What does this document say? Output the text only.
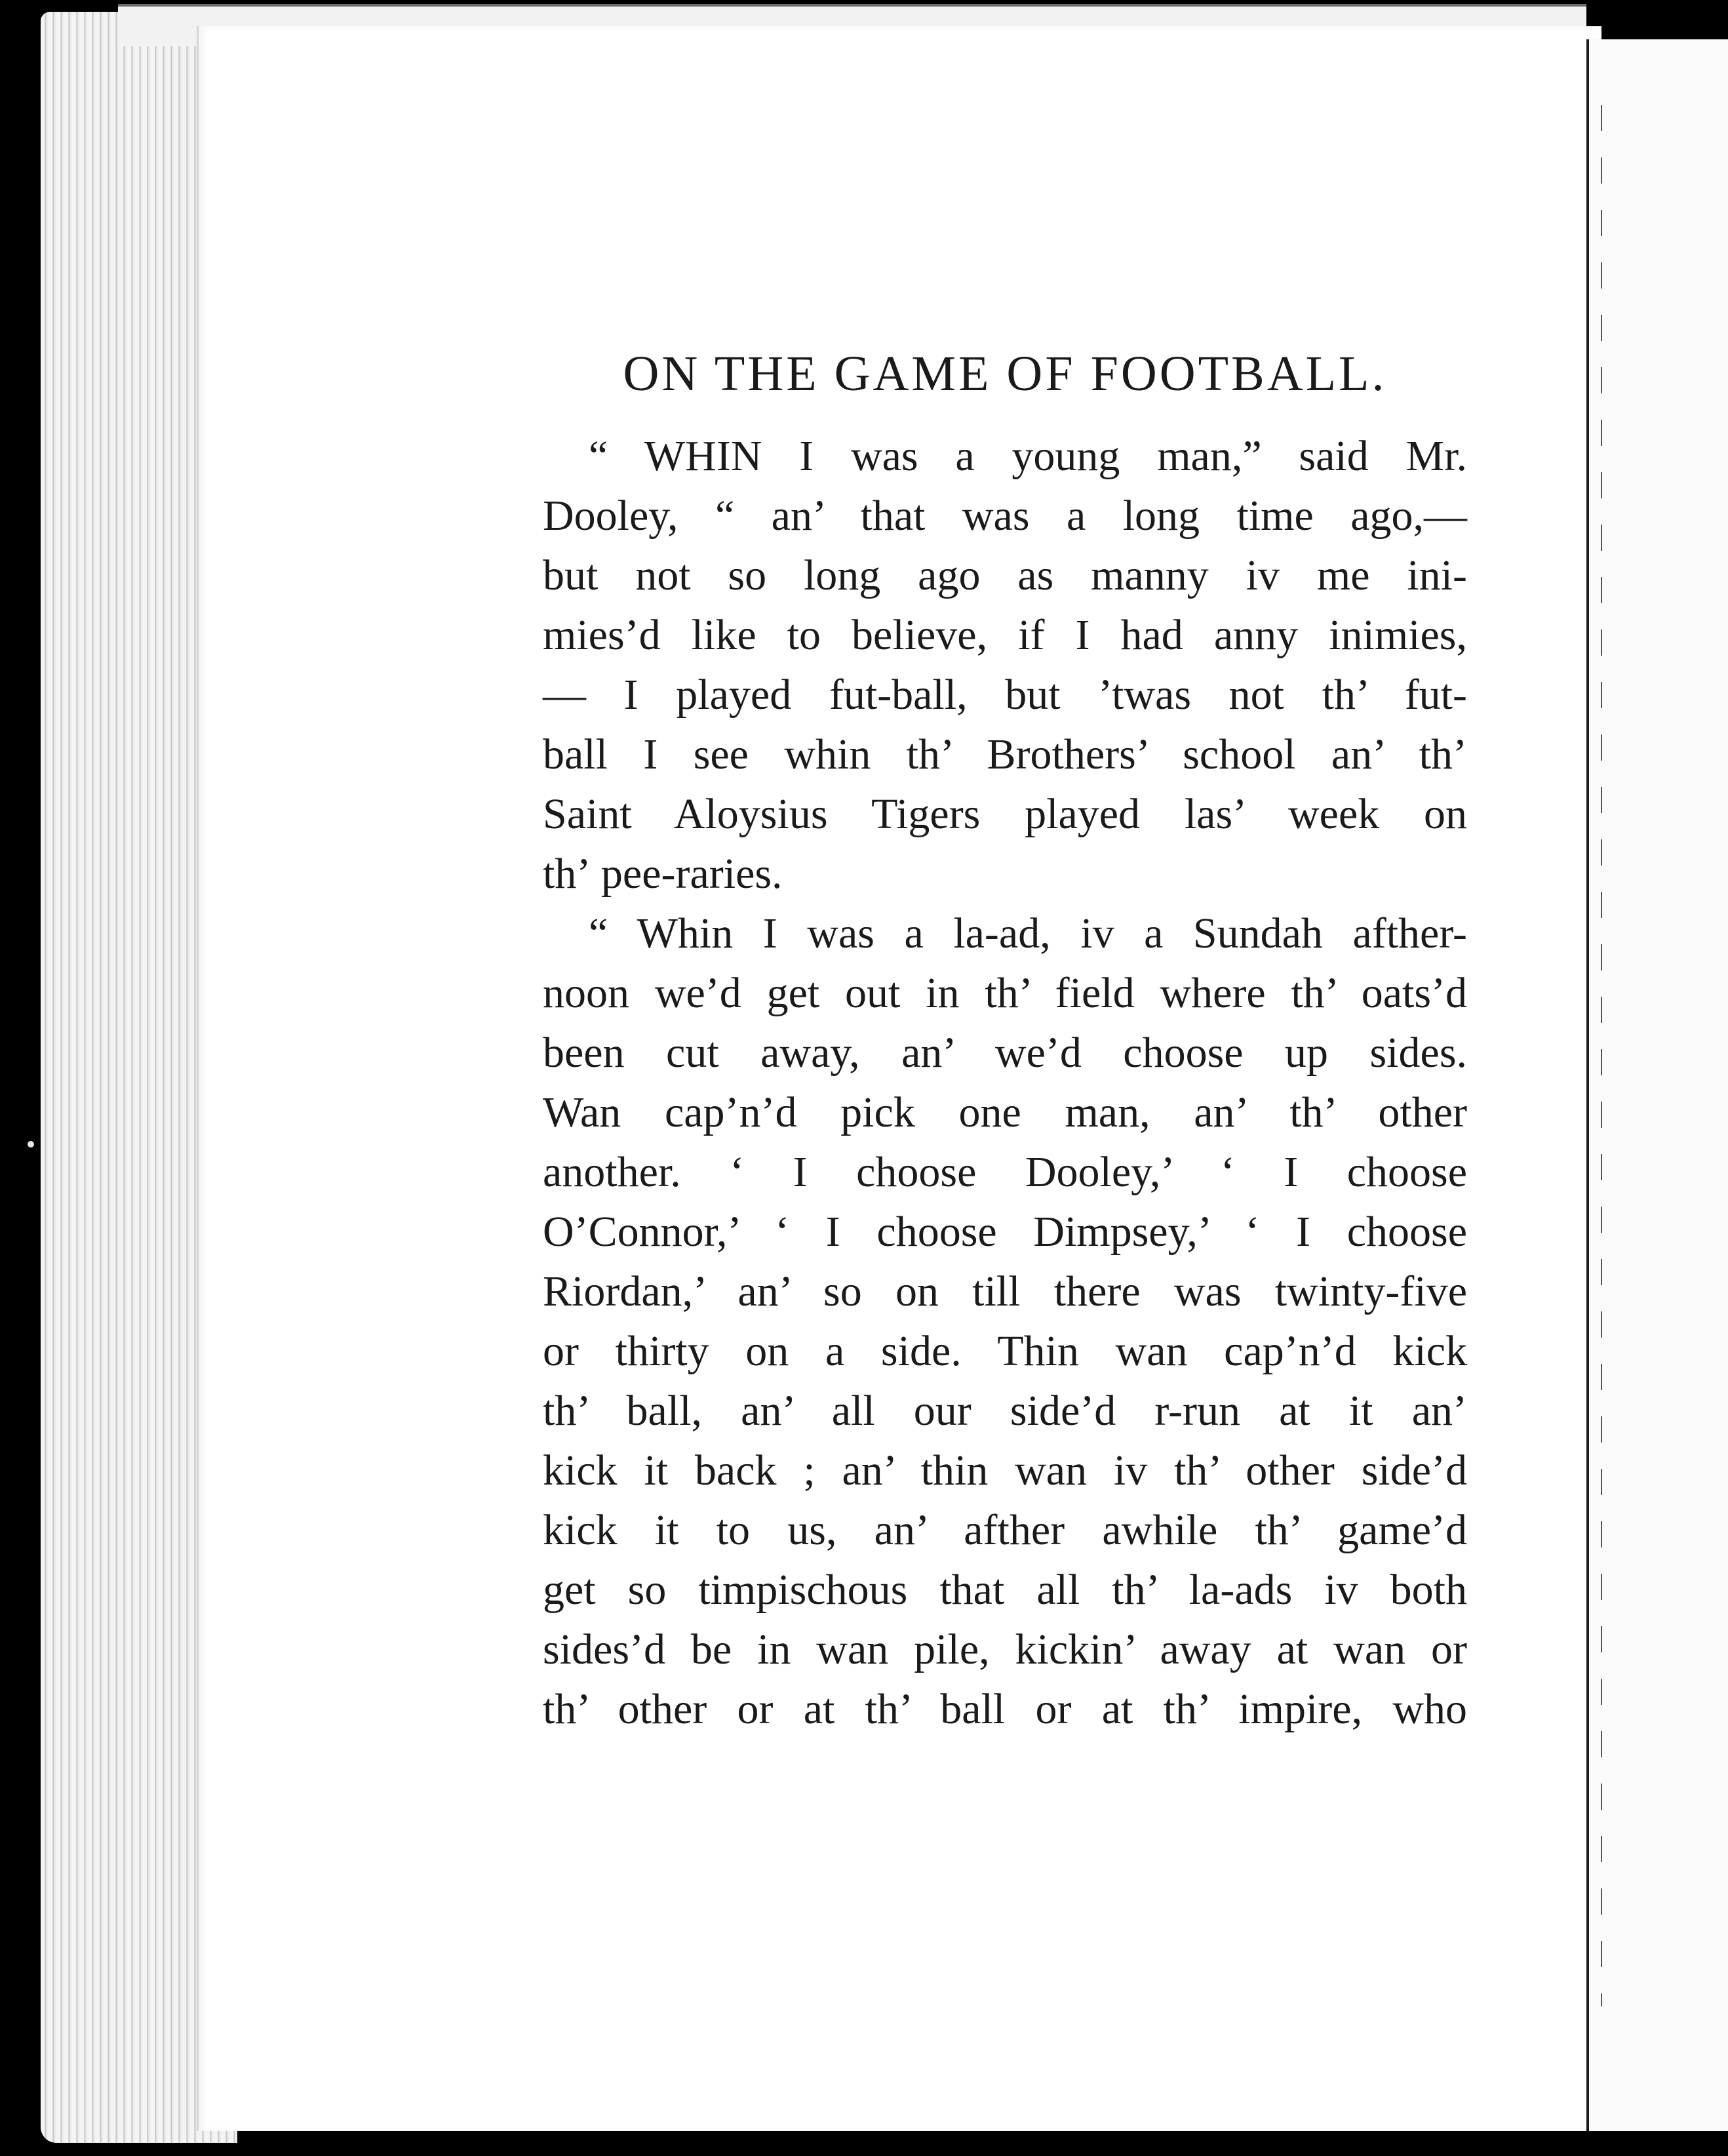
ON THE GAME OF FOOTBALL.
“ WHIN I was a young man,” said Mr.
Dooley, “ an’ that was a long time ago,—
but not so long ago as manny iv me ini-
mies’d like to believe, if I had anny inimies,
— I played fut-ball, but ’twas not th’ fut-
ball I see whin th’ Brothers’ school an’ th’
Saint Aloysius Tigers played las’ week on
th’ pee-raries.
“ Whin I was a la-ad, iv a Sundah afther-
noon we’d get out in th’ field where th’ oats’d
been cut away, an’ we’d choose up sides.
Wan cap’n’d pick one man, an’ th’ other
another. ‘ I choose Dooley,’ ‘ I choose
O’Connor,’ ‘ I choose Dimpsey,’ ‘ I choose
Riordan,’ an’ so on till there was twinty-five
or thirty on a side. Thin wan cap’n’d kick
th’ ball, an’ all our side’d r-run at it an’
kick it back ; an’ thin wan iv th’ other side’d
kick it to us, an’ afther awhile th’ game’d
get so timpischous that all th’ la-ads iv both
sides’d be in wan pile, kickin’ away at wan or
th’ other or at th’ ball or at th’ impire, who
